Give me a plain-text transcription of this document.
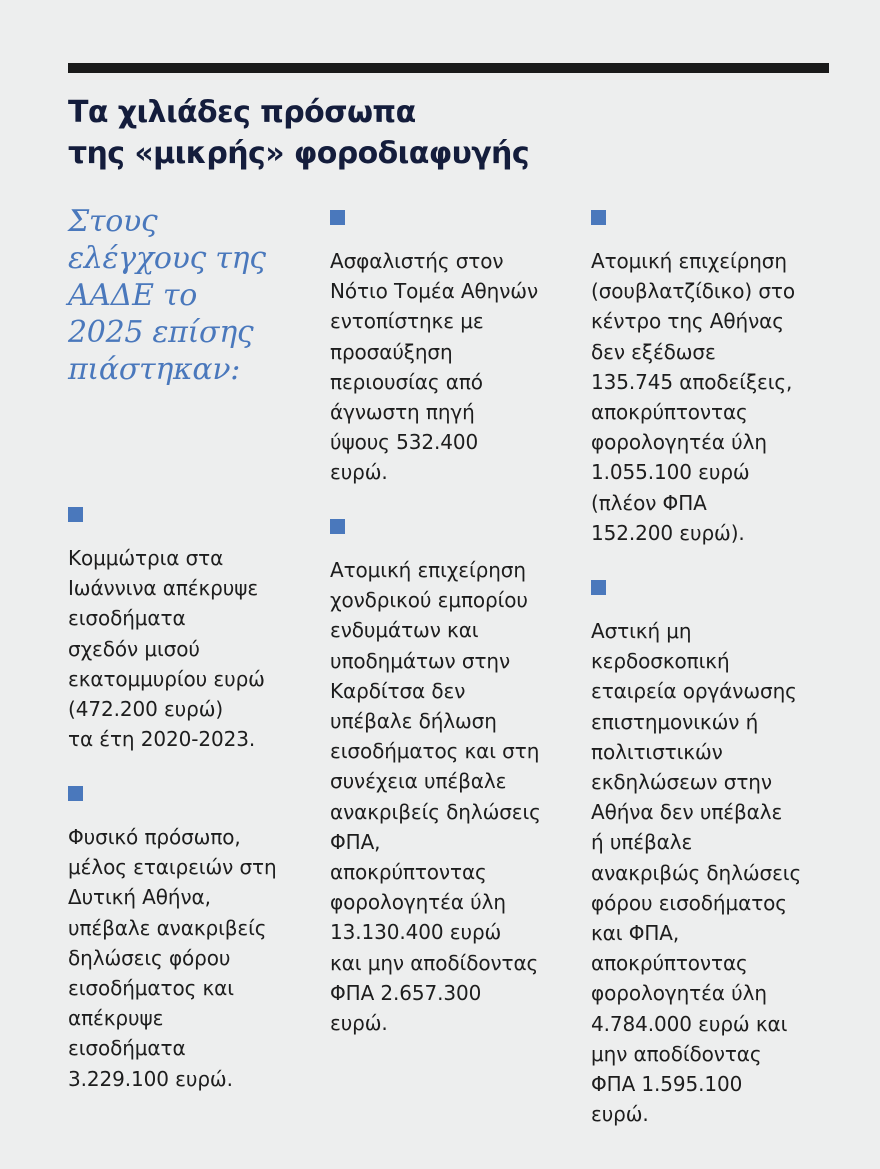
Τα χιλιάδες πρόσωπα
της «μικρής» φοροδιαφυγής

Στους
ελέγχους της
ΑΑΔΕ το
2025 επίσης
πιάστηκαν:

Κομμώτρια στα
Ιωάννινα απέκρυψε
εισοδήματα
σχεδόν μισού
εκατομμυρίου ευρώ
(472.200 ευρώ)
τα έτη 2020-2023.

Φυσικό πρόσωπο,
μέλος εταιρειών στη
Δυτική Αθήνα,
υπέβαλε ανακριβείς
δηλώσεις φόρου
εισοδήματος και
απέκρυψε
εισοδήματα
3.229.100 ευρώ.

Ασφαλιστής στον
Νότιο Τομέα Αθηνών
εντοπίστηκε με
προσαύξηση
περιουσίας από
άγνωστη πηγή
ύψους 532.400
ευρώ.

Ατομική επιχείρηση
χονδρικού εμπορίου
ενδυμάτων και
υποδημάτων στην
Καρδίτσα δεν
υπέβαλε δήλωση
εισοδήματος και στη
συνέχεια υπέβαλε
ανακριβείς δηλώσεις
ΦΠΑ,
αποκρύπτοντας
φορολογητέα ύλη
13.130.400 ευρώ
και μην αποδίδοντας
ΦΠΑ 2.657.300
ευρώ.

Ατομική επιχείρηση
(σουβλατζίδικο) στο
κέντρο της Αθήνας
δεν εξέδωσε
135.745 αποδείξεις,
αποκρύπτοντας
φορολογητέα ύλη
1.055.100 ευρώ
(πλέον ΦΠΑ
152.200 ευρώ).

Αστική μη
κερδοσκοπική
εταιρεία οργάνωσης
επιστημονικών ή
πολιτιστικών
εκδηλώσεων στην
Αθήνα δεν υπέβαλε
ή υπέβαλε
ανακριβώς δηλώσεις
φόρου εισοδήματος
και ΦΠΑ,
αποκρύπτοντας
φορολογητέα ύλη
4.784.000 ευρώ και
μην αποδίδοντας
ΦΠΑ 1.595.100
ευρώ.
